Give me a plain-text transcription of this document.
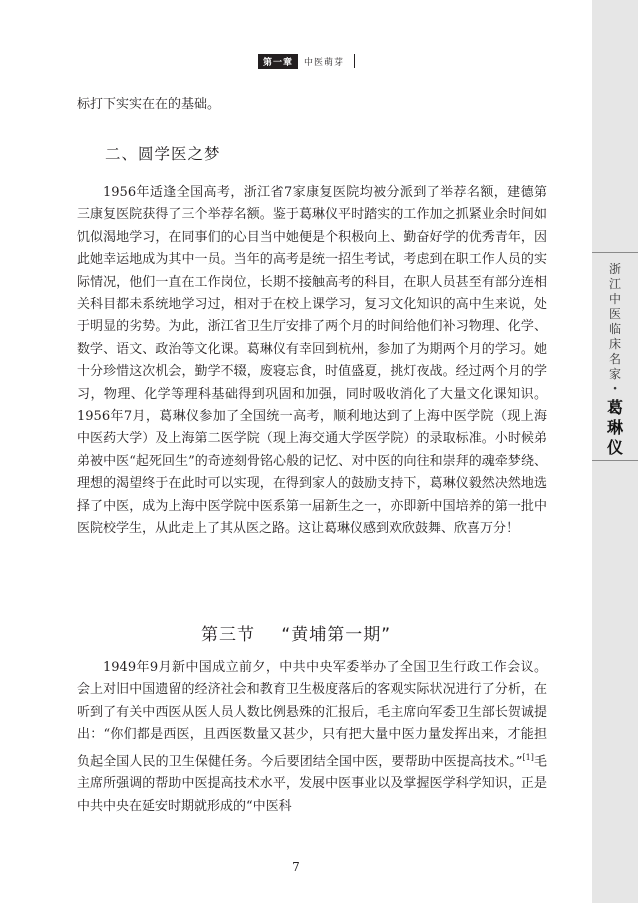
第一章	中医萌芽
标打下实实在在的基础。
二、圆学医之梦
1956年适逢全国高考，浙江省7家康复医院均被分派到了举荐名额，建德第三康复医院获得了三个举荐名额。鉴于葛琳仪平时踏实的工作加之抓紧业余时间如饥似渴地学习，在同事们的心目当中她便是个积极向上、勤奋好学的优秀青年，因此她幸运地成为其中一员。当年的高考是统一招生考试，考虑到在职工作人员的实际情况，他们一直在工作岗位，长期不接触高考的科目，在职人员甚至有部分连相关科目都未系统地学习过，相对于在校上课学习，复习文化知识的高中生来说，处于明显的劣势。为此，浙江省卫生厅安排了两个月的时间给他们补习物理、化学、数学、语文、政治等文化课。葛琳仪有幸回到杭州，参加了为期两个月的学习。她十分珍惜这次机会，勤学不辍，废寝忘食，时值盛夏，挑灯夜战。经过两个月的学习，物理、化学等理科基础得到巩固和加强，同时吸收消化了大量文化课知识。1956年7月，葛琳仪参加了全国统一高考，顺利地达到了上海中医学院（现上海中医药大学）及上海第二医学院（现上海交通大学医学院）的录取标准。小时候弟弟被中医“起死回生”的奇迹刻骨铭心般的记忆、对中医的向往和崇拜的魂牵梦绕、理想的渴望终于在此时可以实现，在得到家人的鼓励支持下，葛琳仪毅然决然地选择了中医，成为上海中医学院中医系第一届新生之一，亦即新中国培养的第一批中医院校学生，从此走上了其从医之路。这让葛琳仪感到欢欣鼓舞、欣喜万分！
第三节 “黄埔第一期”
1949年9月新中国成立前夕，中共中央军委举办了全国卫生行政工作会议。会上对旧中国遗留的经济社会和教育卫生极度落后的客观实际状况进行了分析，在听到了有关中西医从医人员人数比例悬殊的汇报后，毛主席向军委卫生部长贺诚提出：“你们都是西医，且西医数量又甚少，只有把大量中医力量发挥出来，才能担负起全国人民的卫生保健任务。今后要团结全国中医，要帮助中医提高技术。”[1]毛主席所强调的帮助中医提高技术水平，发展中医事业以及掌握医学科学知识，正是中共中央在延安时期就形成的“中医科
7
浙
江
中
医
临
床
名
家
·
葛
琳
仪
